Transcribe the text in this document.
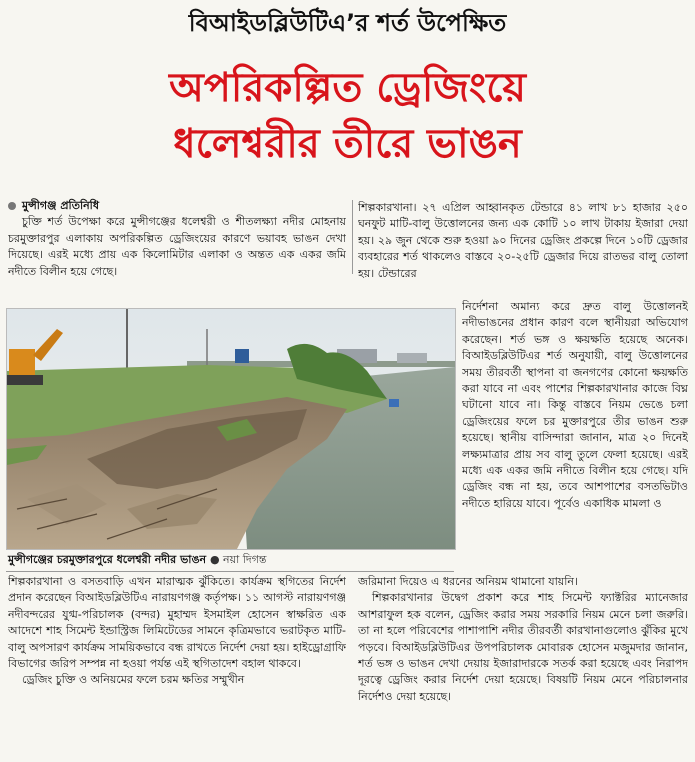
বিআইডব্লিউটিএ’র শর্ত উপেক্ষিত
অপরিকল্পিত ড্রেজিংয়ে
ধলেশ্বরীর তীরে ভাঙন
মুন্সীগঞ্জ প্রতিনিধি

চুক্তি শর্ত উপেক্ষা করে মুন্সীগঞ্জের ধলেশ্বরী ও শীতলক্ষ্যা নদীর মোহনায় চরমুক্তারপুর এলাকায় অপরিকল্পিত ড্রেজিংয়ের কারণে ভয়াবহ ভাঙন দেখা দিয়েছে। এরই মধ্যে প্রায় এক কিলোমিটার এলাকা ও অন্তত এক একর জমি নদীতে বিলীন হয়ে গেছে।

শিল্পকারখানা। ২৭ এপ্রিল আহ্বানকৃত টেন্ডারে ৪১ লাখ ৮১ হাজার ২৫০ ঘনফুট মাটি-বালু উত্তোলনের জন্য এক কোটি ১০ লাখ টাকায় ইজারা দেয়া হয়। ২৯ জুন থেকে শুরু হওয়া ৯০ দিনের ড্রেজিং প্রকল্পে দিনে ১০টি ড্রেজার ব্যবহারের শর্ত থাকলেও বাস্তবে ২০-২৫টি ড্রেজার দিয়ে রাতভর বালু তোলা হয়। টেন্ডারের

নির্দেশনা অমান্য করে দ্রুত বালু উত্তোলনই নদীভাঙনের প্রধান কারণ বলে স্থানীয়রা অভিযোগ করেছেন। শর্ত ভঙ্গ ও ক্ষয়ক্ষতি হয়েছে অনেক। বিআইডব্লিউটিএর শর্ত অনুযায়ী, বালু উত্তোলনের সময় তীরবর্তী স্থাপনা বা জনগণের কোনো ক্ষয়ক্ষতি করা যাবে না এবং পাশের শিল্পকারখানার কাজে বিঘ্ন ঘটানো যাবে না। কিন্তু বাস্তবে নিয়ম ভেঙে চলা ড্রেজিংয়ের ফলে চর মুক্তারপুরে তীর ভাঙন শুরু হয়েছে। স্থানীয় বাসিন্দারা জানান, মাত্র ২০ দিনেই লক্ষ্যমাত্রার প্রায় সব বালু তুলে ফেলা হয়েছে। এরই মধ্যে এক একর জমি নদীতে বিলীন হয়ে গেছে। যদি ড্রেজিং বন্ধ না হয়, তবে আশপাশের বসতভিটাও নদীতে হারিয়ে যাবে। পূর্বেও একাধিক মামলা ও

মুন্সীগঞ্জের চরমুক্তারপুরে ধলেশ্বরী নদীর ভাঙন ● নয়া দিগন্ত

শিল্পকারখানা ও বসতবাড়ি এখন মারাত্মক ঝুঁকিতে। কার্যক্রম স্থগিতের নির্দেশ প্রদান করেছেন বিআইডব্লিউটিএ নারায়ণগঞ্জ কর্তৃপক্ষ। ১১ আগস্ট নারায়ণগঞ্জ নদীবন্দরের যুগ্ম-পরিচালক (বন্দর) মুহাম্মদ ইসমাইল হোসেন স্বাক্ষরিত এক আদেশে শাহ সিমেন্ট ইন্ডাস্ট্রিজ লিমিটেডের সামনে কৃত্রিমভাবে ভরাটকৃত মাটি-বালু অপসারণ কার্যক্রম সাময়িকভাবে বন্ধ রাখতে নির্দেশ দেয়া হয়। হাইড্রোগ্রাফি বিভাগের জরিপ সম্পন্ন না হওয়া পর্যন্ত এই স্থগিতাদেশ বহাল থাকবে।

ড্রেজিং চুক্তি ও অনিয়মের ফলে চরম ক্ষতির সম্মুখীন

জরিমানা দিয়েও এ ধরনের অনিয়ম থামানো যায়নি।

শিল্পকারখানার উদ্বেগ প্রকাশ করে শাহ সিমেন্ট ফ্যাক্টরির ম্যানেজার আশরাফুল হক বলেন, ড্রেজিং করার সময় সরকারি নিয়ম মেনে চলা জরুরি। তা না হলে পরিবেশের পাশাপাশি নদীর তীরবর্তী কারখানাগুলোও ঝুঁকির মুখে পড়বে। বিআইডব্লিউটিএর উপপরিচালক মোবারক হোসেন মজুমদার জানান, শর্ত ভঙ্গ ও ভাঙন দেখা দেয়ায় ইজারাদারকে সতর্ক করা হয়েছে এবং নিরাপদ দূরত্বে ড্রেজিং করার নির্দেশ দেয়া হয়েছে। বিষয়টি নিয়ম মেনে পরিচালনার নির্দেশও দেয়া হয়েছে।
